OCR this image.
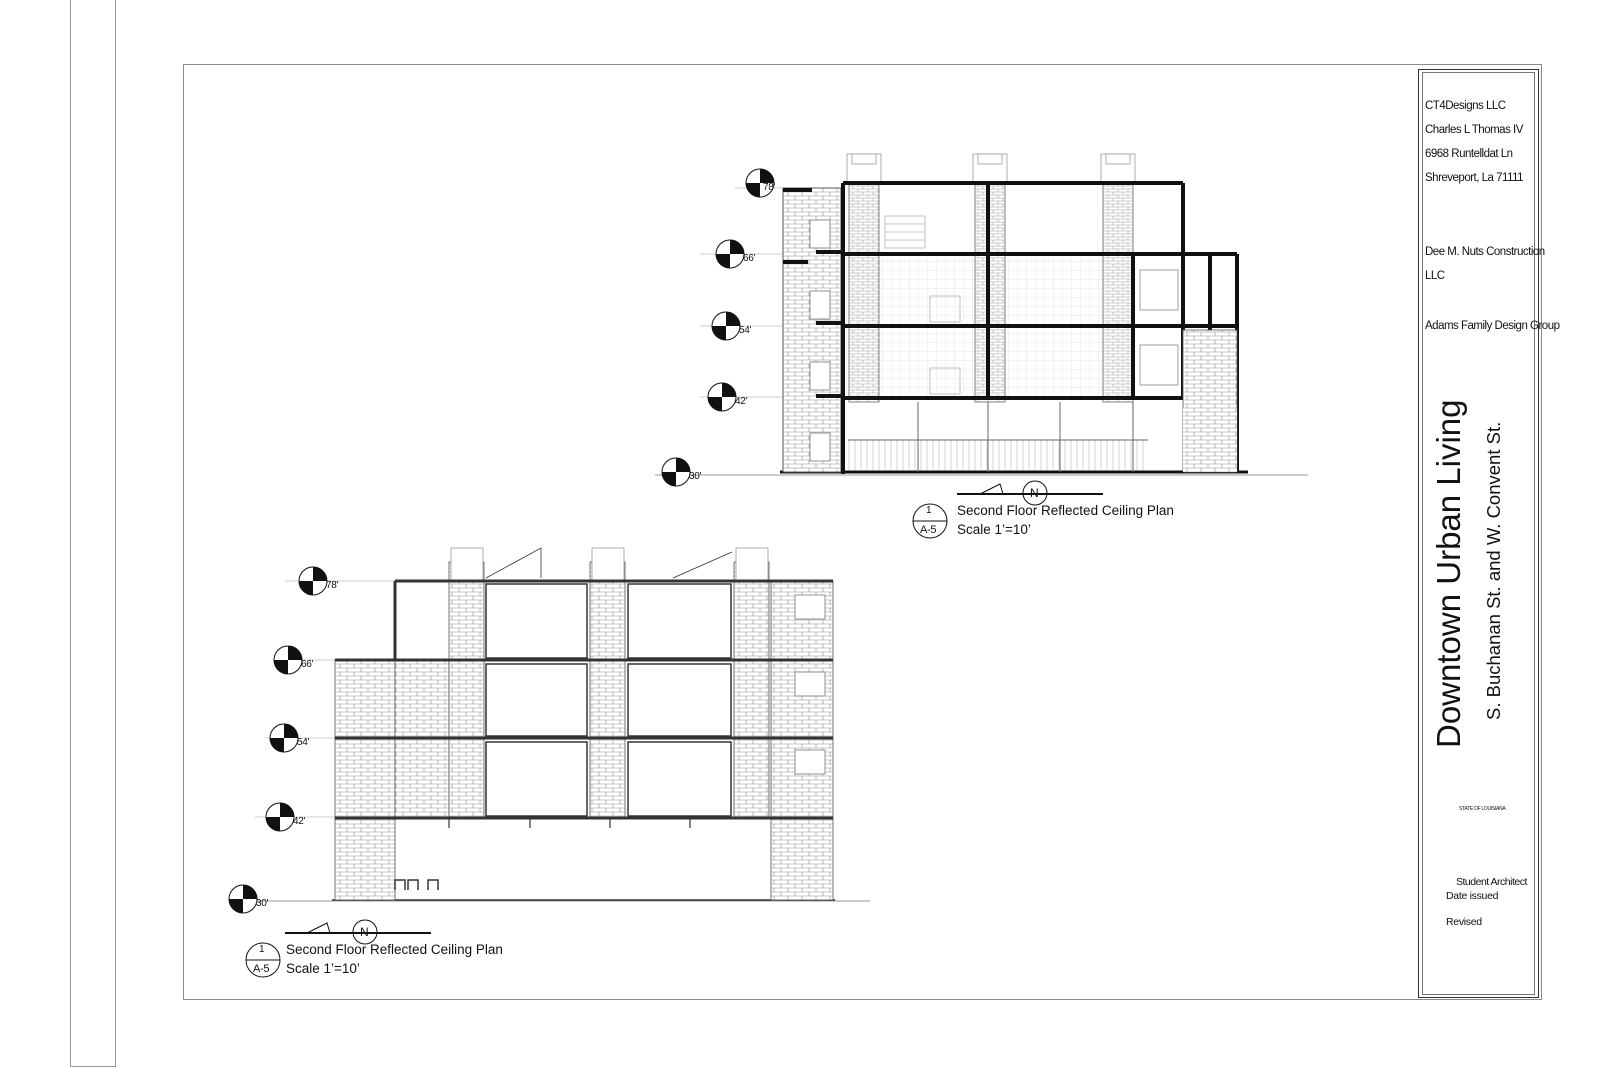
78'
66'
54'
42'
30'
N
1
A-5
Second Floor Reflected Ceiling Plan
Scale 1’=10’
78'
66'
54'
42'
30'
N
1
A-5
Second Floor Reflected Ceiling Plan
Scale 1’=10’
CT4Designs LLC
Charles L Thomas IV
6968 Runtelldat Ln
Shreveport, La 71111
Dee M. Nuts Construction
LLC
Adams Family Design Group
Downtown Urban Living S. Buchanan St. and W. Convent St.
STATE OF LOUISIANA
Student Architect
Date issued
Revised
